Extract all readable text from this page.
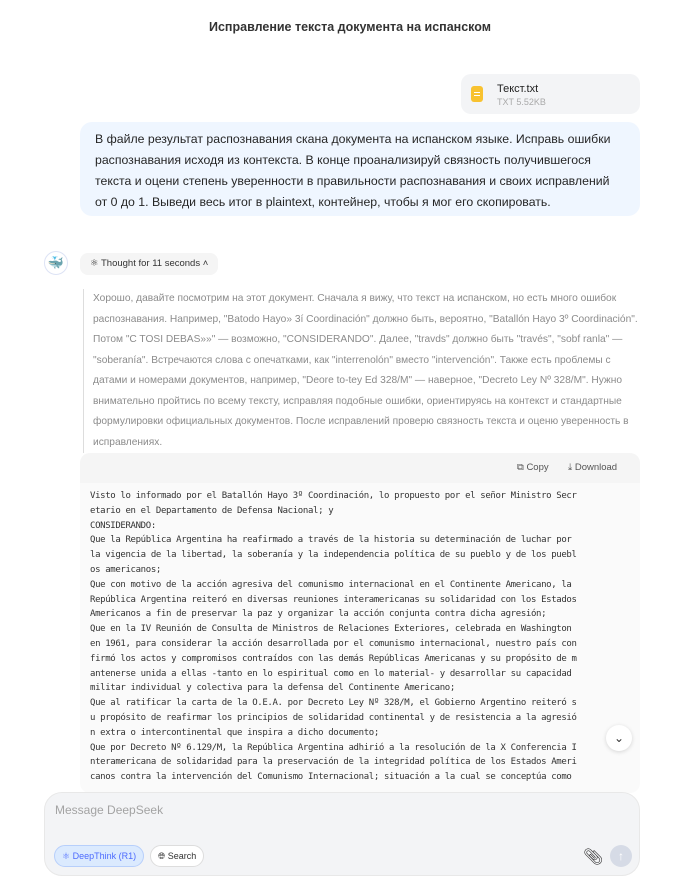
Исправление текста документа на испанском
Текст.txt
TXT 5.52KB
В файле результат распознавания скана документа на испанском языке. Исправь ошибки распознавания исходя из контекста. В конце проанализируй связность получившегося текста и оцени степень уверенности в правильности распознавания и своих исправлений от 0 до 1. Выведи весь итог в plaintext, контейнер, чтобы я мог его скопировать.
🐳	⚛ Thought for 11 seconds ˄
Хорошо, давайте посмотрим на этот документ. Сначала я вижу, что текст на испанском, но есть много ошибок распознавания. Например, "Batodo Hayo» 3í Coordinación" должно быть, вероятно, "Batallón Hayo 3º Coordinación". Потом "C TOSI DEBAS»»" — возможно, "CONSIDERANDO". Далее, "travds" должно быть "través", "sobf ranla" — "soberanía". Встречаются слова с опечатками, как "interrenolón" вместо "intervención". Также есть проблемы с датами и номерами документов, например, "Deore to-tey Ed 328/M" — наверное, "Decreto Ley Nº 328/M". Нужно внимательно пройтись по всему тексту, исправляя подобные ошибки, ориентируясь на контекст и стандартные формулировки официальных документов. После исправлений проверю связность текста и оценю уверенность в исправлениях.
⧉ Copy ⤓ Download
Visto lo informado por el Batallón Hayo 3º Coordinación, lo propuesto por el señor Ministro Secr
etario en el Departamento de Defensa Nacional; y
CONSIDERANDO:
Que la República Argentina ha reafirmado a través de la historia su determinación de luchar por
la vigencia de la libertad, la soberanía y la independencia política de su pueblo y de los puebl
os americanos;
Que con motivo de la acción agresiva del comunismo internacional en el Continente Americano, la
República Argentina reiteró en diversas reuniones interamericanas su solidaridad con los Estados
Americanos a fin de preservar la paz y organizar la acción conjunta contra dicha agresión;
Que en la IV Reunión de Consulta de Ministros de Relaciones Exteriores, celebrada en Washington
en 1961, para considerar la acción desarrollada por el comunismo internacional, nuestro país con
firmó los actos y compromisos contraídos con las demás Repúblicas Americanas y su propósito de m
antenerse unida a ellas -tanto en lo espiritual como en lo material- y desarrollar su capacidad
militar individual y colectiva para la defensa del Continente Americano;
Que al ratificar la carta de la O.E.A. por Decreto Ley Nº 328/M, el Gobierno Argentino reiteró s
u propósito de reafirmar los principios de solidaridad continental y de resistencia a la agresió
n extra o intercontinental que inspira a dicho documento;
Que por Decreto Nº 6.129/M, la República Argentina adhirió a la resolución de la X Conferencia I
nteramericana de solidaridad para la preservación de la integridad política de los Estados Ameri
canos contra la intervención del Comunismo Internacional; situación a la cual se conceptúa como
⌄
Message DeepSeek
⚛ DeepThink (R1)	🌐︎ Search	📎︎	↑
